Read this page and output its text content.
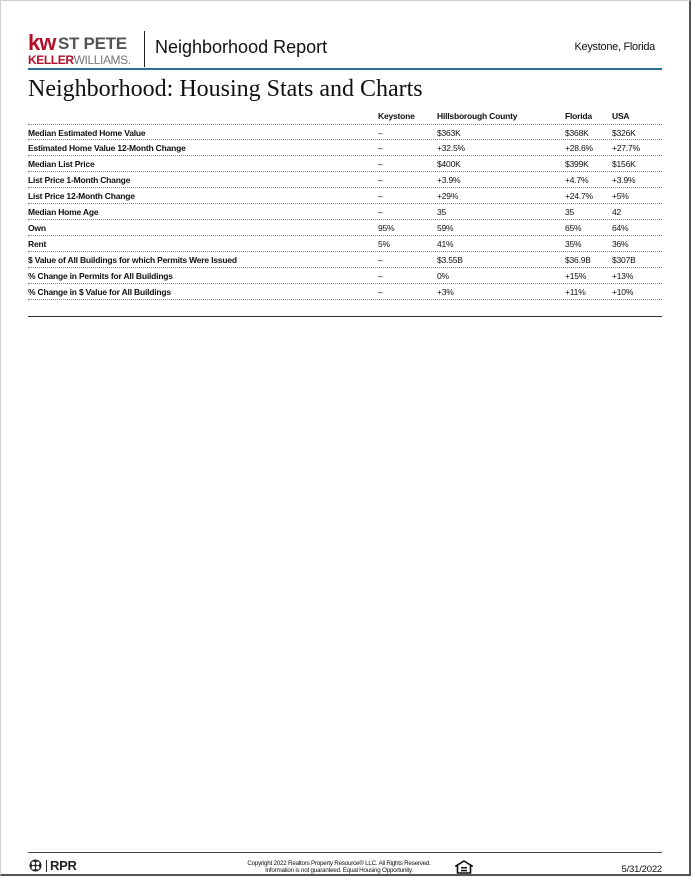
kw ST PETE
KELLERWILLIAMS.
Neighborhood Report	Keystone, Florida
Neighborhood: Housing Stats and Charts
Keystone	Hillsborough County	Florida USA
Median Estimated Home Value	–	$363K	$368K	$326K
Estimated Home Value 12-Month Change	–	+32.5%	+28.6% +27.7%
Median List Price	–	$400K	$399K	$156K
List Price 1-Month Change	–	+3.9%	+4.7%	+3.9%
List Price 12-Month Change	–	+29%	+24.7% +5%
Median Home Age	–	35	35	42
Own	95%	59%	65%	64%
Rent	5%	41%	35%	36%
$ Value of All Buildings for which Permits Were Issued	–	$3.55B	$36.9B	$307B
% Change in Permits for All Buildings	–	0%	+15%	+13%
% Change in $ Value for All Buildings	–	+3%	+11%	+10%
RPR	Copyright 2022 Realtors Property Resource® LLC. All Rights Reserved.
Information is not guaranteed. Equal Housing Opportunity.	5/31/2022
